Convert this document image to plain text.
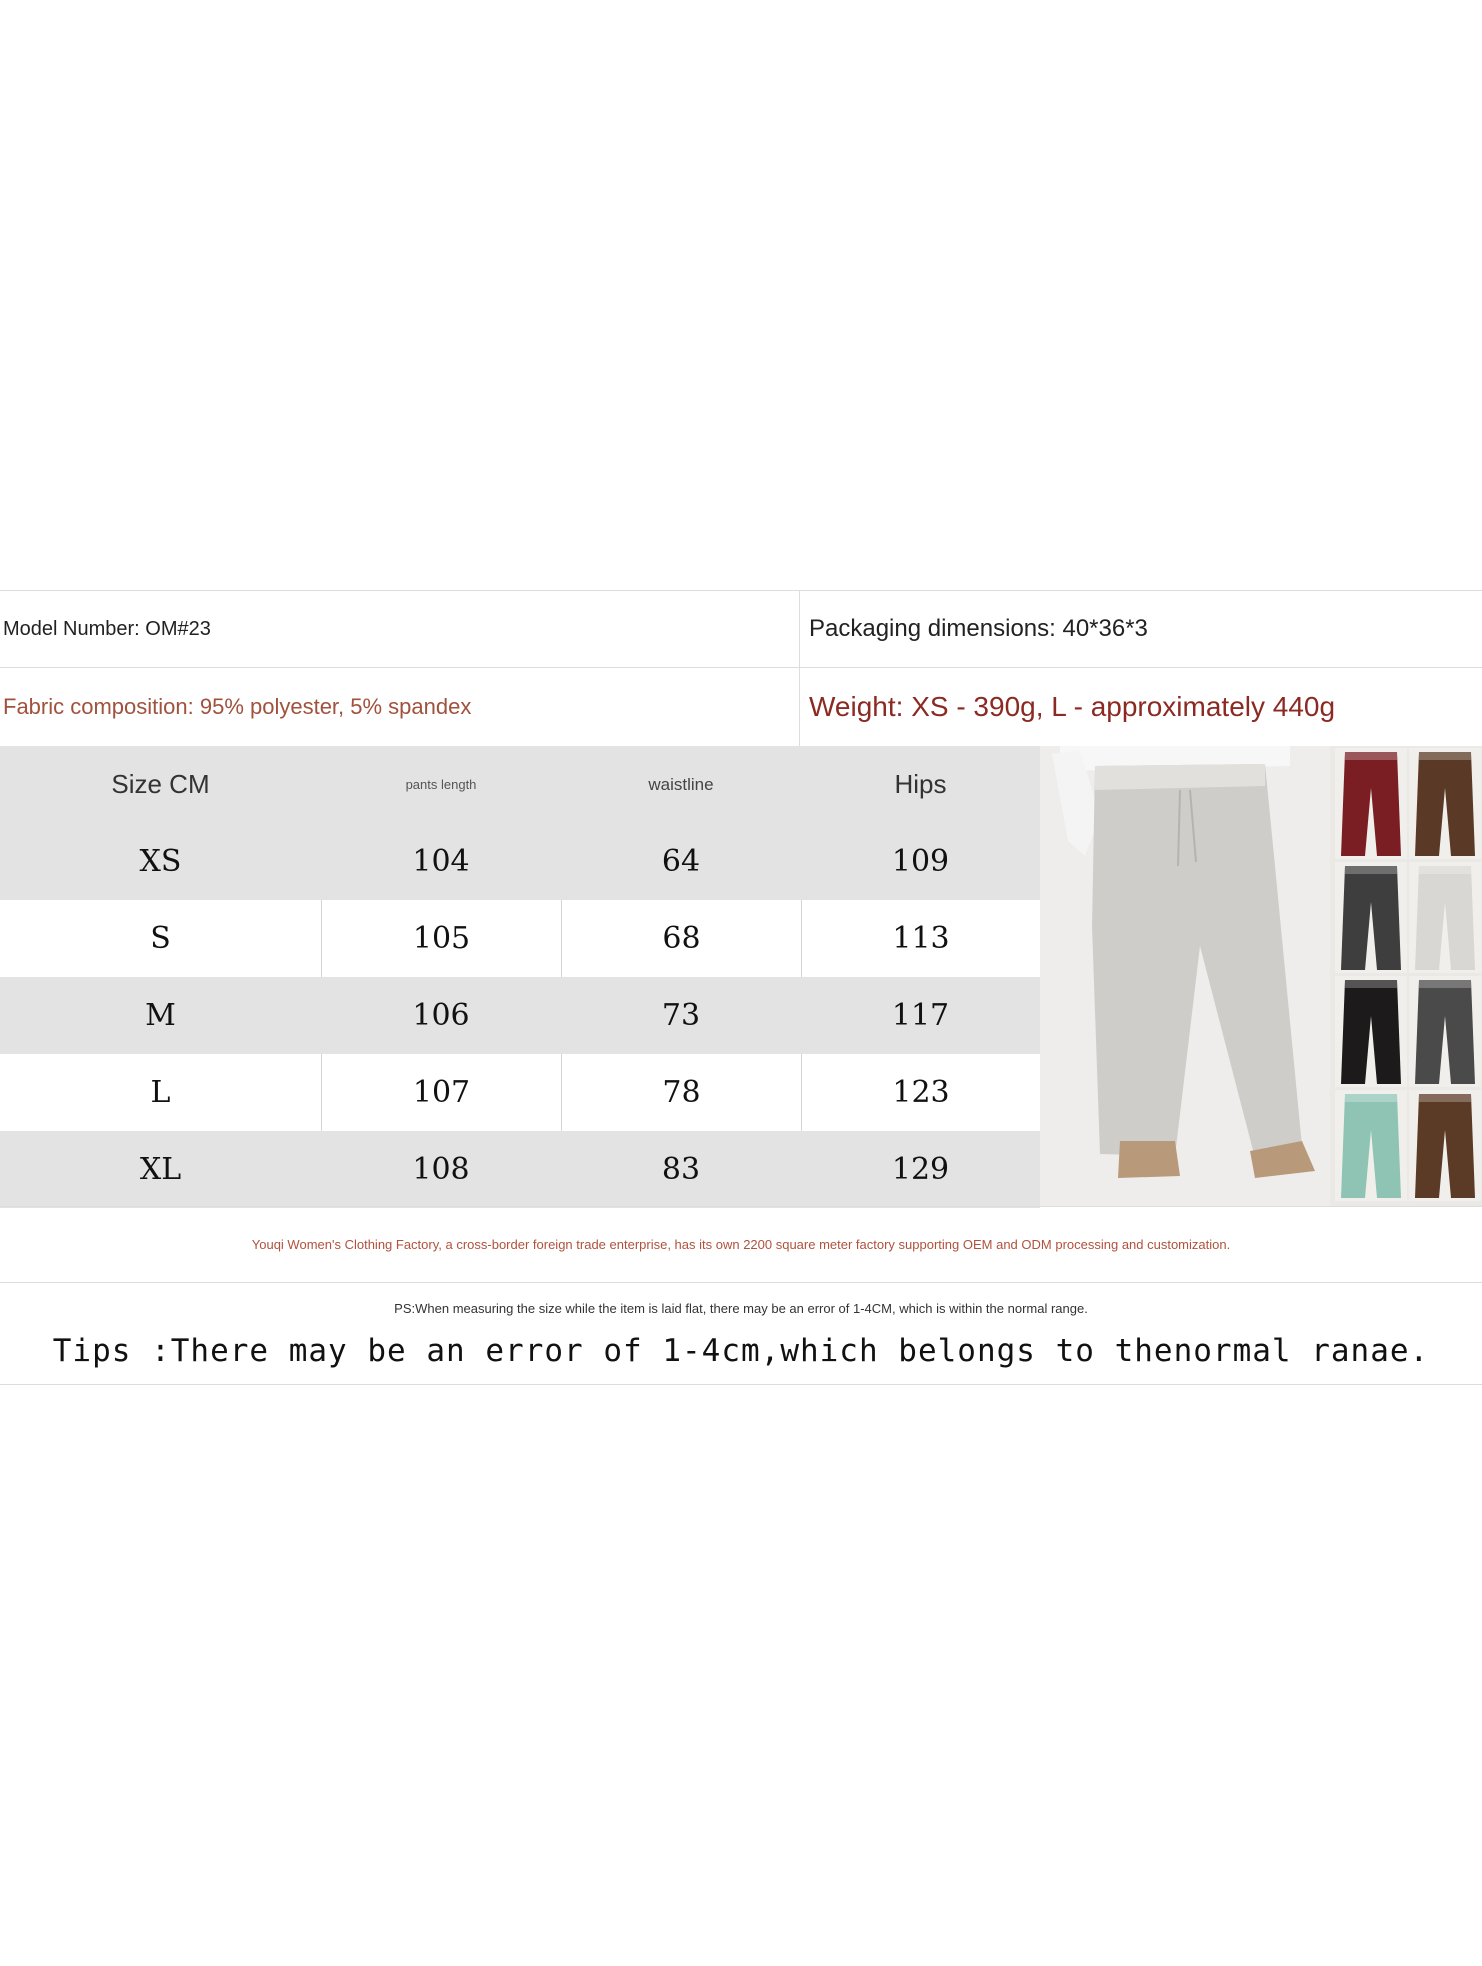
Model Number: OM#23	Packaging dimensions: 40*36*3
Fabric composition: 95% polyester, 5% spandex	Weight: XS - 390g, L - approximately 440g
Size CM	pants length	waistline	Hips
XS	104	64	109
S	105	68	113
M	106	73	117
L	107	78	123
XL	108	83	129
Youqi Women's Clothing Factory, a cross-border foreign trade enterprise, has its own 2200 square meter factory supporting OEM and ODM processing and customization.
PS:When measuring the size while the item is laid flat, there may be an error of 1-4CM, which is within the normal range.
Tips :There may be an error of 1-4cm,which belongs to thenormal ranae.
